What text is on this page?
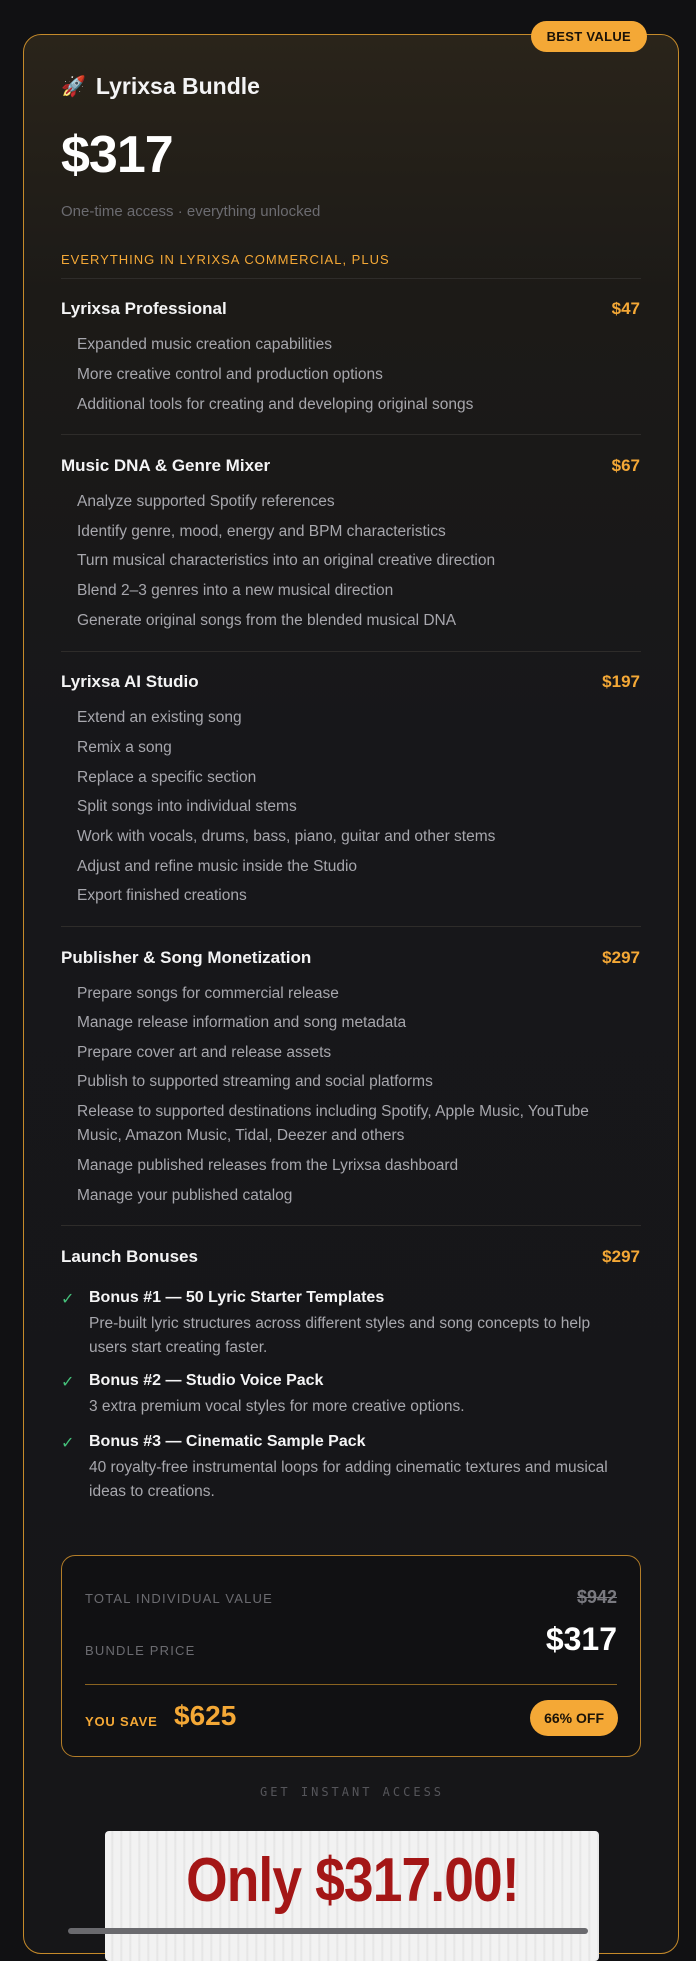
BEST VALUE
🚀 Lyrixsa Bundle
$317
One-time access · everything unlocked
EVERYTHING IN LYRIXSA COMMERCIAL, PLUS
Lyrixsa Professional	$47
Expanded music creation capabilities
More creative control and production options
Additional tools for creating and developing original songs
Music DNA & Genre Mixer	$67
Analyze supported Spotify references
Identify genre, mood, energy and BPM characteristics
Turn musical characteristics into an original creative direction
Blend 2–3 genres into a new musical direction
Generate original songs from the blended musical DNA
Lyrixsa AI Studio	$197
Extend an existing song
Remix a song
Replace a specific section
Split songs into individual stems
Work with vocals, drums, bass, piano, guitar and other stems
Adjust and refine music inside the Studio
Export finished creations
Publisher & Song Monetization	$297
Prepare songs for commercial release
Manage release information and song metadata
Prepare cover art and release assets
Publish to supported streaming and social platforms
Release to supported destinations including Spotify, Apple Music, YouTube Music, Amazon Music, Tidal, Deezer and others
Manage published releases from the Lyrixsa dashboard
Manage your published catalog
Launch Bonuses	$297
✓ Bonus #1 — 50 Lyric Starter Templates
Pre-built lyric structures across different styles and song concepts to help users start creating faster.
✓ Bonus #2 — Studio Voice Pack
3 extra premium vocal styles for more creative options.
✓ Bonus #3 — Cinematic Sample Pack
40 royalty-free instrumental loops for adding cinematic textures and musical ideas to creations.
TOTAL INDIVIDUAL VALUE	$942
BUNDLE PRICE	$317
YOU SAVE $625	66% OFF
GET INSTANT ACCESS
Only $317.00!
